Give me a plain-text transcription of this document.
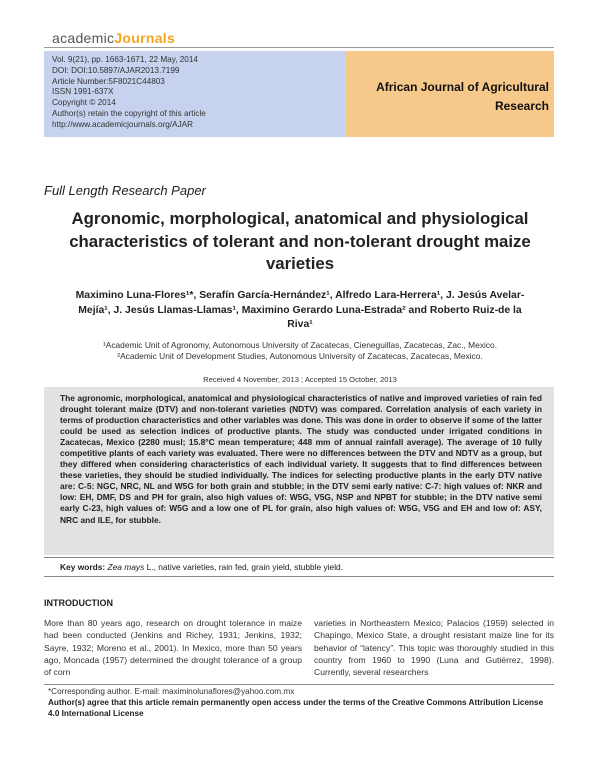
academicJournals
Vol. 9(21), pp. 1663-1671, 22 May, 2014
DOI: DOI:10.5897/AJAR2013.7199
Article Number:5F8021C44803
ISSN 1991-637X
Copyright © 2014
Author(s) retain the copyright of this article
http://www.academicjournals.org/AJAR
African Journal of Agricultural
Research
Full Length Research Paper
Agronomic, morphological, anatomical and physiological characteristics of tolerant and non-tolerant drought maize varieties
Maximino Luna-Flores¹*, Serafín García-Hernández¹, Alfredo Lara-Herrera¹, J. Jesús Avelar- Mejía¹, J. Jesús Llamas-Llamas¹, Maximino Gerardo Luna-Estrada² and Roberto Ruiz-de la Riva¹
¹Academic Unit of Agronomy, Autonomous University of Zacatecas, Cieneguillas, Zacatecas, Zac., Mexico.
²Academic Unit of Development Studies, Autonomous University of Zacatecas, Zacatecas, Mexico.
Received 4 November, 2013 ; Accepted 15 October, 2013
The agronomic, morphological, anatomical and physiological characteristics of native and improved varieties of rain fed drought tolerant maize (DTV) and non-tolerant varieties (NDTV) was compared. Correlation analysis of each variety in terms of production characteristics and other variables was done. This was done in order to observe if some of the latter could be used as selection indices of productive plants. The study was conducted under irrigated conditions in Zacatecas, Mexico (2280 musl; 15.8°C mean temperature; 448 mm of annual rainfall average). The average of 10 fully competitive plants of each variety was evaluated. There were no differences between the DTV and NDTV as a group, but they differed when considering characteristics of each individual variety. It suggests that to find differences between these varieties, they should be studied individually. The indices for selecting productive plants in the early DTV native are: C-5: NGC, NRC, NL and W5G for both grain and stubble; in the DTV semi early native: C-7: high values of: NKR and low: EH, DMF, DS and PH for grain, also high values of: W5G, V5G, NSP and NPBT for stubble; in the DTV native semi early C-23, high values of: W5G and a low one of PL for grain, also high values of: W5G, V5G and EH and low of: ASY, NRC and ILE, for stubble.
Key words: Zea mays L., native varieties, rain fed, grain yield, stubble yield.
INTRODUCTION
More than 80 years ago, research on drought tolerance in maize had been conducted (Jenkins and Richey, 1931; Jenkins, 1932; Sayre, 1932; Moreno et al., 2001). In Mexico, more than 50 years ago, Moncada (1957) determined the drought tolerance of a group of corn
varieties in Northeastern Mexico; Palacios (1959) selected in Chapingo, Mexico State, a drought resistant maize line for its behavior of “latency”. This topic was thoroughly studied in this country from 1960 to 1990 (Luna and Gutiérrez, 1998). Currently, several researchers
*Corresponding author. E-mail: maximinolunaflores@yahoo.com.mx
Author(s) agree that this article remain permanently open access under the terms of the Creative Commons Attribution License 4.0 International License
